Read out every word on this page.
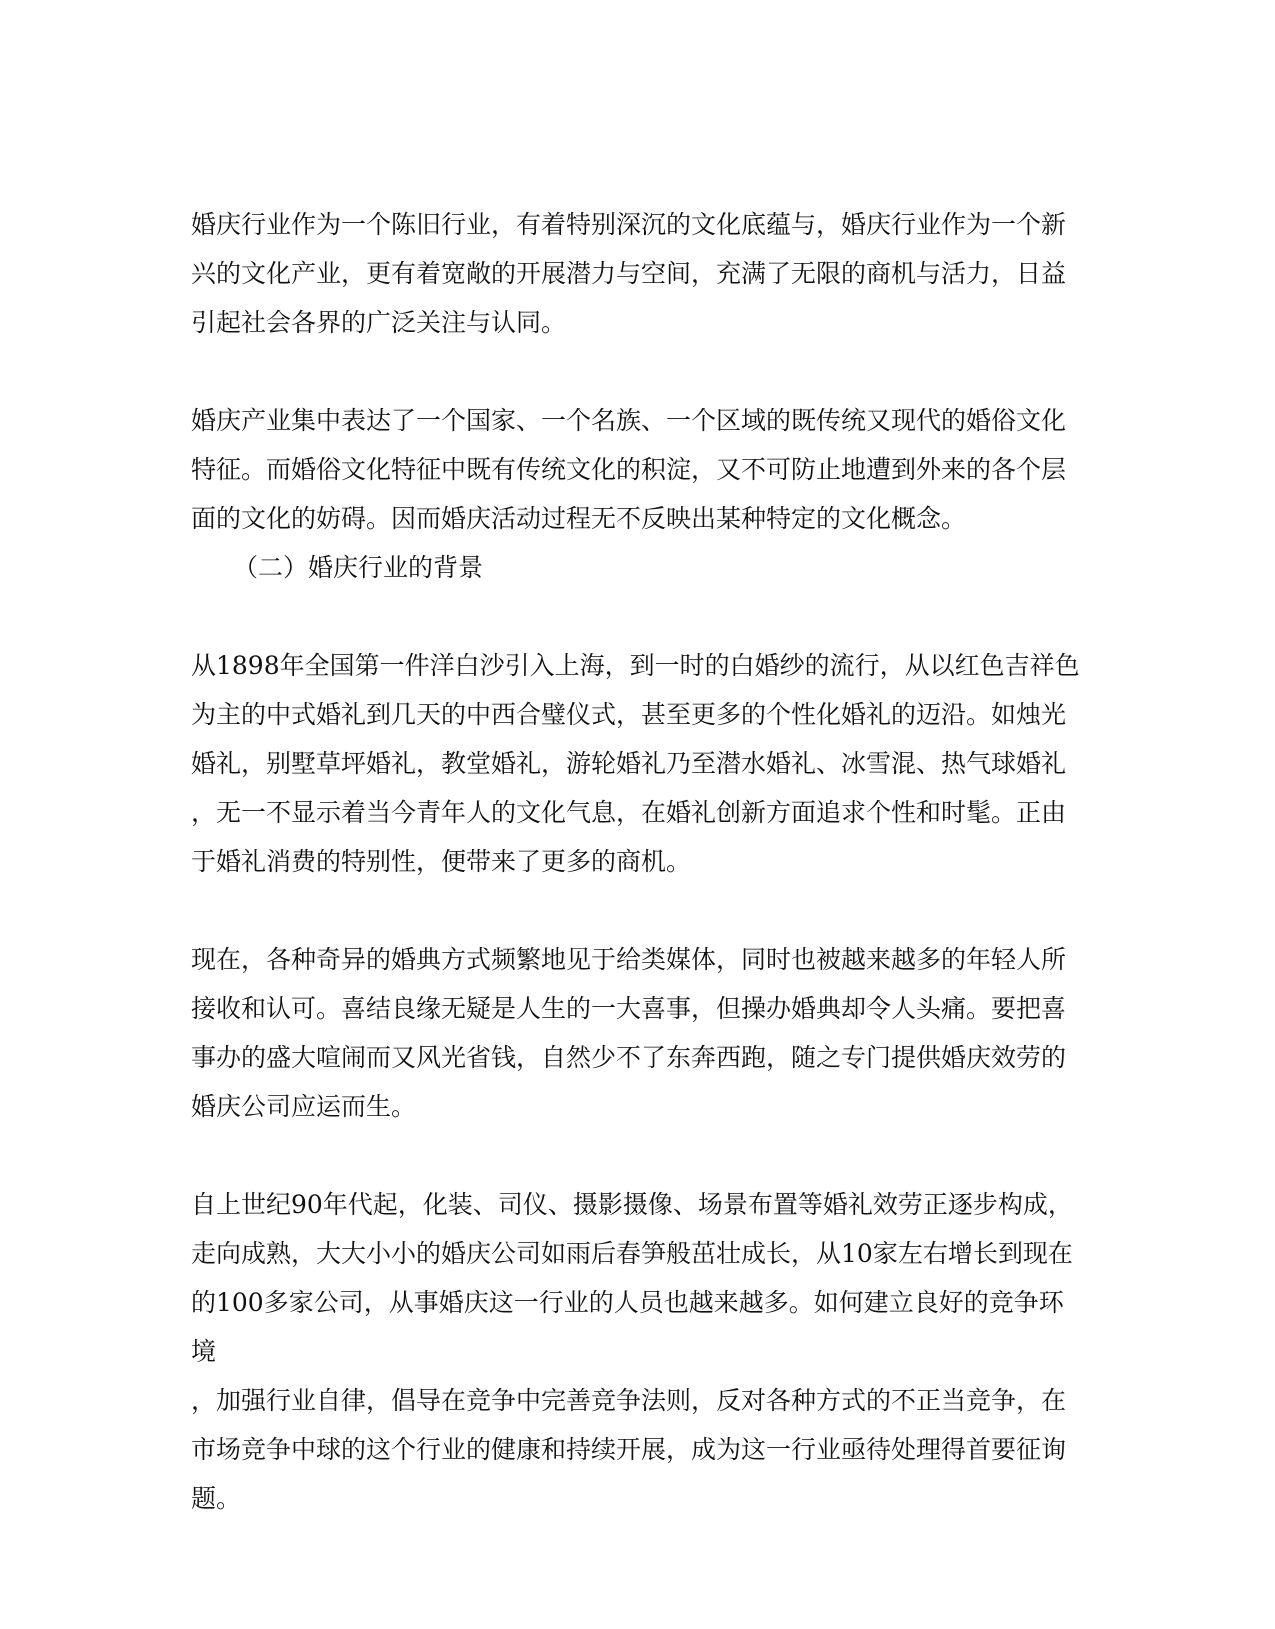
婚庆行业作为一个陈旧行业，有着特别深沉的文化底蕴与，婚庆行业作为一个新
兴的文化产业，更有着宽敞的开展潜力与空间，充满了无限的商机与活力，日益
引起社会各界的广泛关注与认同。

婚庆产业集中表达了一个国家、一个名族、一个区域的既传统又现代的婚俗文化
特征。而婚俗文化特征中既有传统文化的积淀，又不可防止地遭到外来的各个层
面的文化的妨碍。因而婚庆活动过程无不反映出某种特定的文化概念。

（二）婚庆行业的背景

从1898年全国第一件洋白沙引入上海，到一时的白婚纱的流行，从以红色吉祥色
为主的中式婚礼到几天的中西合璧仪式，甚至更多的个性化婚礼的迈沿。如烛光
婚礼，别墅草坪婚礼，教堂婚礼，游轮婚礼乃至潜水婚礼、冰雪混、热气球婚礼
，无一不显示着当今青年人的文化气息，在婚礼创新方面追求个性和时髦。正由
于婚礼消费的特别性，便带来了更多的商机。

现在，各种奇异的婚典方式频繁地见于给类媒体，同时也被越来越多的年轻人所
接收和认可。喜结良缘无疑是人生的一大喜事，但操办婚典却令人头痛。要把喜
事办的盛大喧闹而又风光省钱，自然少不了东奔西跑，随之专门提供婚庆效劳的
婚庆公司应运而生。

自上世纪90年代起，化装、司仪、摄影摄像、场景布置等婚礼效劳正逐步构成，
走向成熟，大大小小的婚庆公司如雨后春笋般茁壮成长，从10家左右增长到现在
的100多家公司，从事婚庆这一行业的人员也越来越多。如何建立良好的竞争环境
，加强行业自律，倡导在竞争中完善竞争法则，反对各种方式的不正当竞争，在
市场竞争中球的这个行业的健康和持续开展，成为这一行业亟待处理得首要征询
题。
